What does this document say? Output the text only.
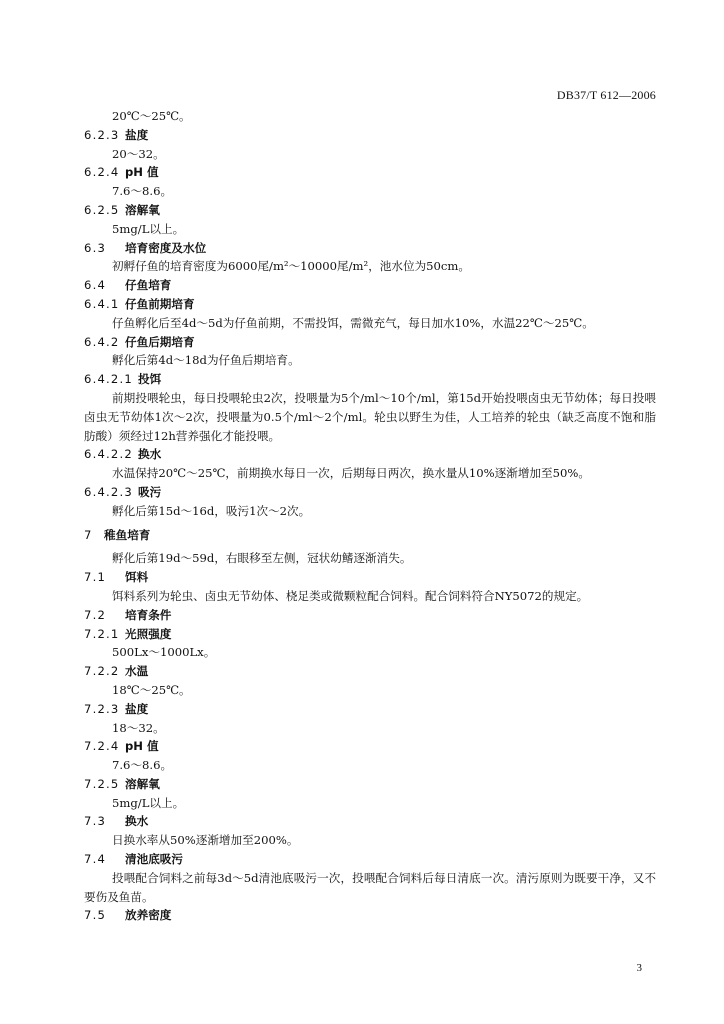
DB37/T 612—2006
20℃～25℃。
6.2.3 盐度
20～32。
6.2.4 pH 值
7.6～8.6。
6.2.5 溶解氧
5mg/L以上。
6.3 培育密度及水位
初孵仔鱼的培育密度为6000尾/m²～10000尾/m²，池水位为50cm。
6.4 仔鱼培育
6.4.1 仔鱼前期培育
仔鱼孵化后至4d～5d为仔鱼前期，不需投饵，需微充气，每日加水10%，水温22℃～25℃。
6.4.2 仔鱼后期培育
孵化后第4d～18d为仔鱼后期培育。
6.4.2.1 投饵
前期投喂轮虫，每日投喂轮虫2次，投喂量为5个/ml～10个/ml，第15d开始投喂卤虫无节幼体；每日投喂卤虫无节幼体1次～2次，投喂量为0.5个/ml～2个/ml。轮虫以野生为佳，人工培养的轮虫（缺乏高度不饱和脂肪酸）须经过12h营养强化才能投喂。
6.4.2.2 换水
水温保持20℃～25℃，前期换水每日一次，后期每日两次，换水量从10%逐渐增加至50%。
6.4.2.3 吸污
孵化后第15d～16d，吸污1次～2次。
7 稚鱼培育
孵化后第19d～59d，右眼移至左侧，冠状幼鳍逐渐消失。
7.1 饵料
饵料系列为轮虫、卤虫无节幼体、桡足类或微颗粒配合饲料。配合饲料符合NY5072的规定。
7.2 培育条件
7.2.1 光照强度
500Lx～1000Lx。
7.2.2 水温
18℃～25℃。
7.2.3 盐度
18～32。
7.2.4 pH 值
7.6～8.6。
7.2.5 溶解氧
5mg/L以上。
7.3 换水
日换水率从50%逐渐增加至200%。
7.4 清池底吸污
投喂配合饲料之前每3d～5d清池底吸污一次，投喂配合饲料后每日清底一次。清污原则为既要干净，又不要伤及鱼苗。
7.5 放养密度
3
